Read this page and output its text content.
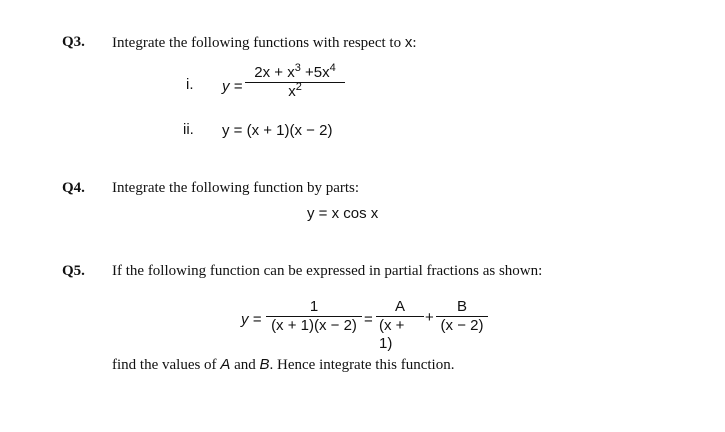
Q3. Integrate the following functions with respect to x:
i. y =
$2x + x^3 +5x^4$
$x^2$
ii. y = (x + 1)(x − 2)
Q4. Integrate the following function by parts:
y = x cos x
Q5. If the following function can be expressed in partial fractions as shown:
y =
1
(x + 1)(x − 2) =
A
(x + 1)
+
B
(x − 2)
find the values of A and B. Hence integrate this function.
